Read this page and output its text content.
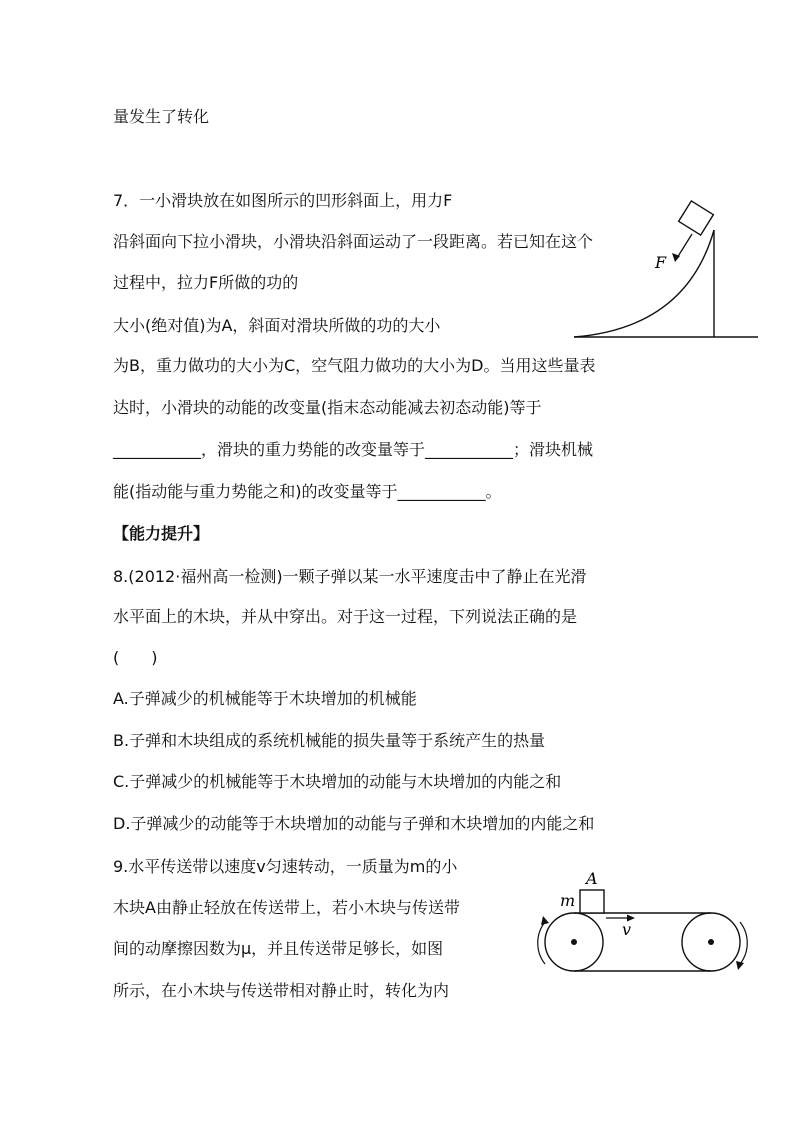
量发生了转化
7．一小滑块放在如图所示的凹形斜面上，用力F
沿斜面向下拉小滑块，小滑块沿斜面运动了一段距离。若已知在这个
过程中，拉力F所做的功的
大小(绝对值)为A，斜面对滑块所做的功的大小
为B，重力做功的大小为C，空气阻力做功的大小为D。当用这些量表
达时，小滑块的动能的改变量(指末态动能减去初态动能)等于
___________，滑块的重力势能的改变量等于___________；滑块机械
能(指动能与重力势能之和)的改变量等于___________。
F
【能力提升】
8.(2012·福州高一检测)一颗子弹以某一水平速度击中了静止在光滑
水平面上的木块，并从中穿出。对于这一过程，下列说法正确的是
(　　)
A.子弹减少的机械能等于木块增加的机械能
B.子弹和木块组成的系统机械能的损失量等于系统产生的热量
C.子弹减少的机械能等于木块增加的动能与木块增加的内能之和
D.子弹减少的动能等于木块增加的动能与子弹和木块增加的内能之和
9.水平传送带以速度v匀速转动，一质量为m的小
木块A由静止轻放在传送带上，若小木块与传送带
间的动摩擦因数为μ，并且传送带足够长，如图
所示，在小木块与传送带相对静止时，转化为内
A
m
v
